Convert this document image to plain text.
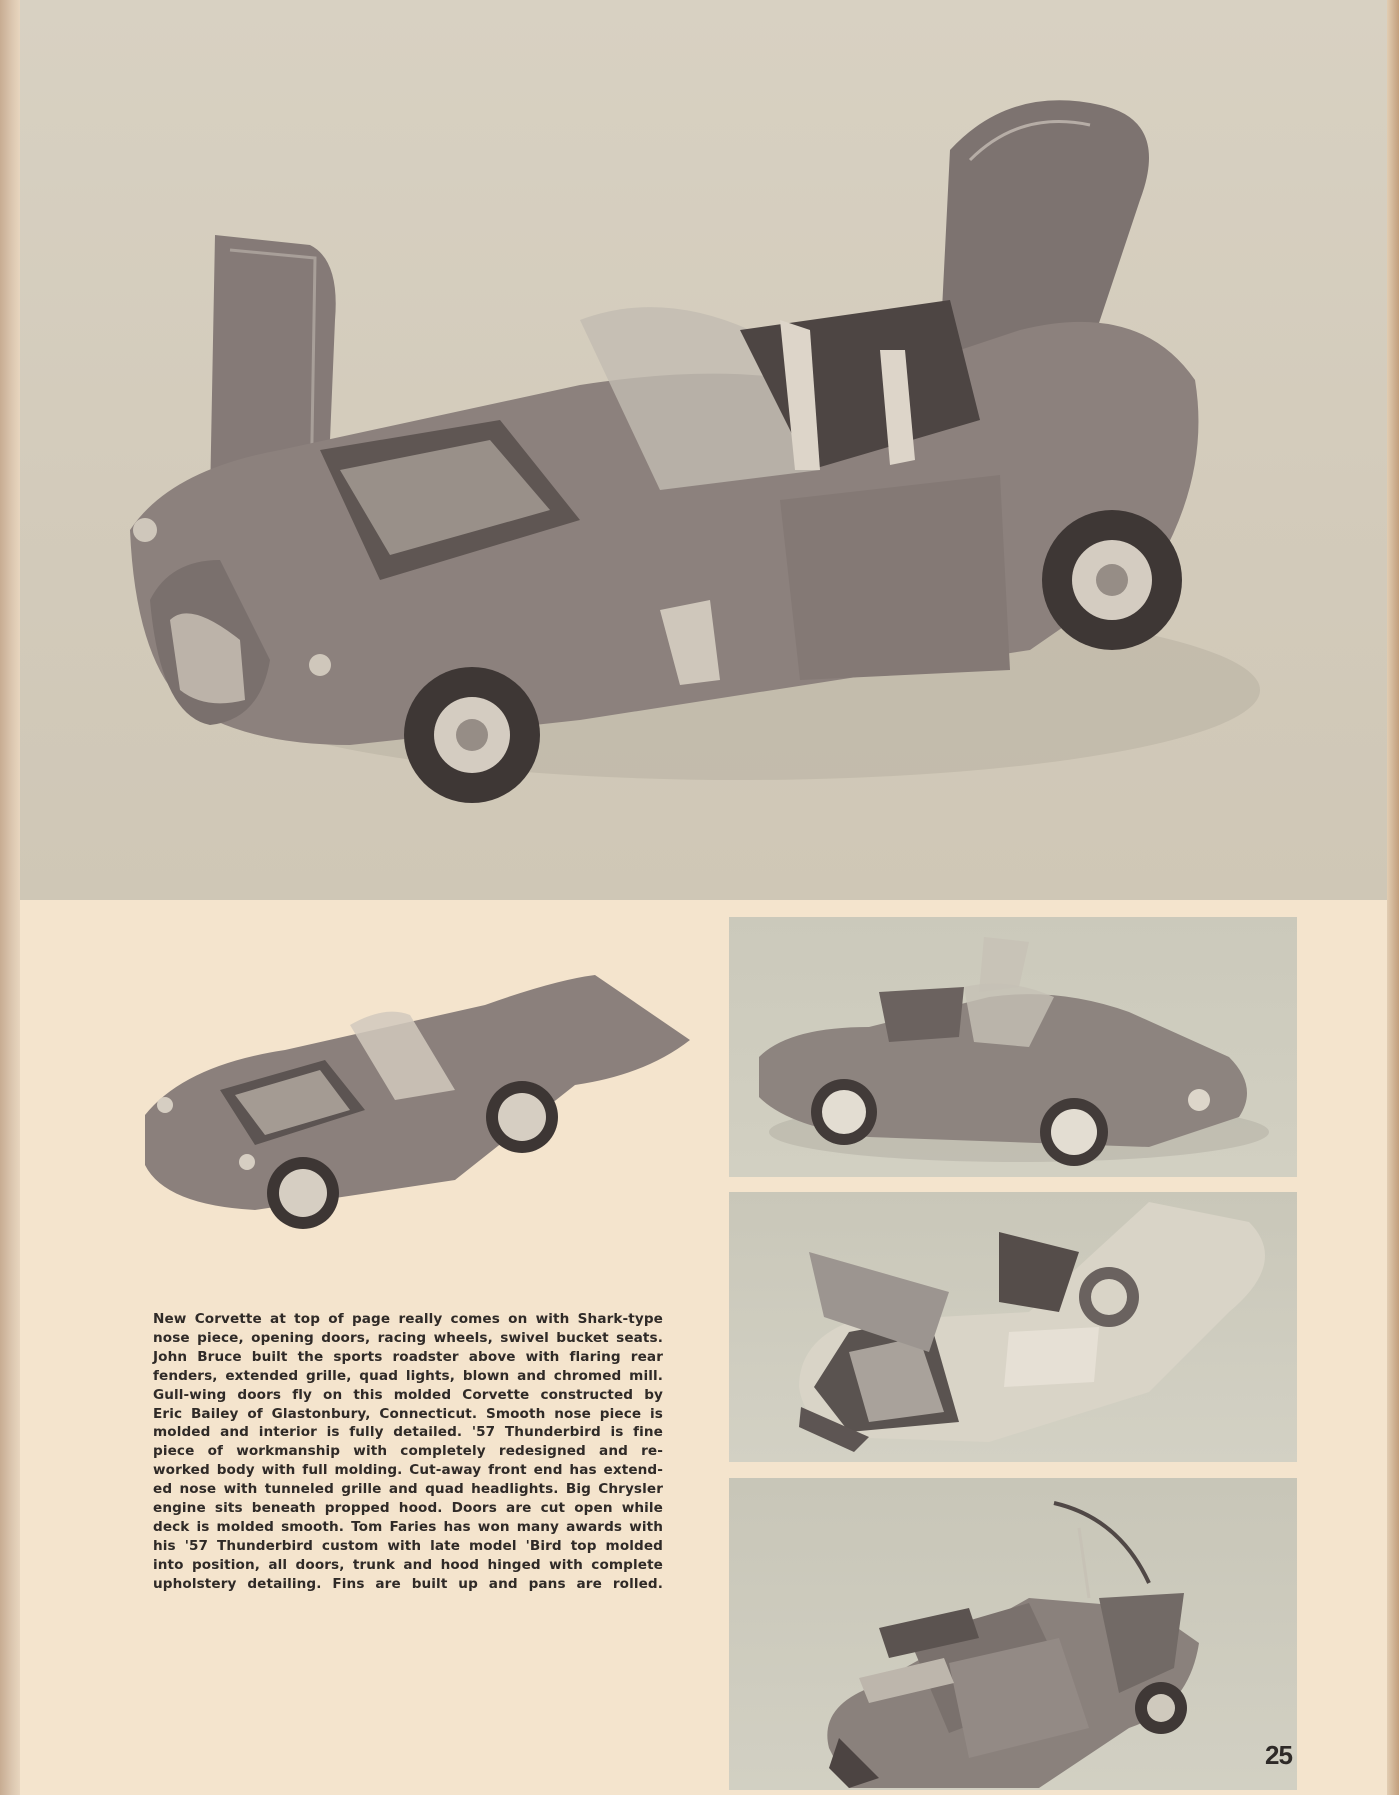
New Corvette at top of page really comes on with Shark-type
nose piece, opening doors, racing wheels, swivel bucket seats.
John Bruce built the sports roadster above with flaring rear
fenders, extended grille, quad lights, blown and chromed mill.
Gull-wing doors fly on this molded Corvette constructed by
Eric Bailey of Glastonbury, Connecticut. Smooth nose piece is
molded and interior is fully detailed. '57 Thunderbird is fine
piece of workmanship with completely redesigned and re-
worked body with full molding. Cut-away front end has extend-
ed nose with tunneled grille and quad headlights. Big Chrysler
engine sits beneath propped hood. Doors are cut open while
deck is molded smooth. Tom Faries has won many awards with
his '57 Thunderbird custom with late model 'Bird top molded
into position, all doors, trunk and hood hinged with complete
upholstery detailing. Fins are built up and pans are rolled.
25
